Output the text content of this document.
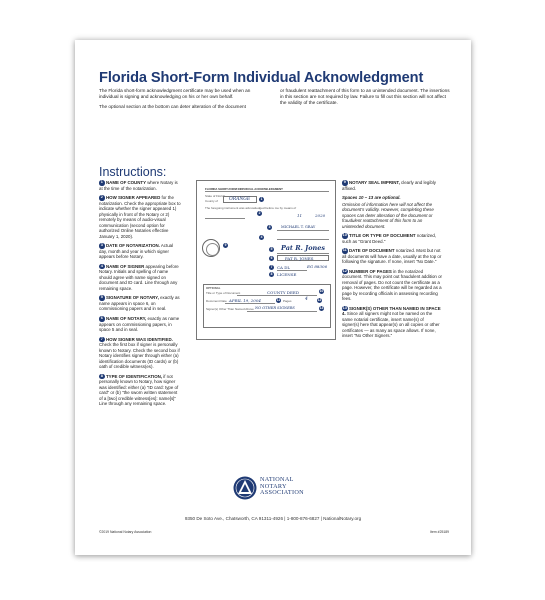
Florida Short-Form Individual Acknowledgment

The Florida short-form acknowledgment certificate may be used when an individual is signing and acknowledging on his or her own behalf.

The optional section at the bottom can deter alteration of the document

or fraudulent reattachment of this form to an unintended document. The insertions in this section are not required by law. Failure to fill out this section will not affect the validity of the certificate.

Instructions:
1 NAME OF COUNTY where Notary is at the time of the notarization.
2 HOW SIGNER APPEARED for the notarization. Check the appropriate box to indicate whether the signer appeared 1) physically in front of the Notary or 2) remotely by means of audio-visual communication (second option for authorized Online Notaries effective January 1, 2020).
3 DATE OF NOTARIZATION. Actual day, month and year in which signer appears before Notary.
4 NAME OF SIGNER appearing before Notary. Initials and spelling of name should agree with name signed on document and ID card. Line through any remaining space.
5 SIGNATURE OF NOTARY, exactly as name appears in space 6, on commissioning papers and in seal.
6 NAME OF NOTARY, exactly as name appears on commissioning papers, in space 5 and in seal.
7 HOW SIGNER WAS IDENTIFIED. Check the first box if signer is personally known to Notary. Check the second box if Notary identifies signer through either (a) identification documents (ID cards) or (b) oath of credible witness(es).
8 TYPE OF IDENTIFICATION, if not personally known to Notary, how signer was identified: either (a) "ID card: type of card" or (b) "the sworn written statement of a [two] credible witness[es]: name[s]" Line through any remaining space.
FLORIDA SHORT-FORM INDIVIDUAL ACKNOWLEDGMENT
State of Florida
County of ORANGE	1
The foregoing instrument was acknowledged before me by means of
2	11	2020
3	MICHAEL T. GRAY
4
9	Pat R. Jones
5
PAT R. JONES
6
7	CA DL	EG 88306
8	LICENSE
OPTIONAL
Title or Type of Document	COUNTY DEED	10
Document Date APRIL 19, 2004	11 Pages	4	12
Signer(s) Other Than Named Above NO OTHER SIGNERS	13
9 NOTARY SEAL IMPRINT, clearly and legibly affixed.
Spaces 10 – 13 are optional.
Omission of information here will not affect the document's validity. However, completing these spaces can deter alteration of the document or fraudulent reattachment of this form to an unintended document.
10 TITLE OR TYPE OF DOCUMENT notarized, such as "Grant Deed."
11 DATE OF DOCUMENT notarized. Most but not all documents will have a date, usually at the top or following the signature. If none, insert "No Date."
12 NUMBER OF PAGES in the notarized document. This may point out fraudulent addition or removal of pages. Do not count the certificate as a page. However, the certificate will be regarded as a page by recording officials in assessing recording fees.
13 SIGNER(S) OTHER THAN NAMED IN SPACE 4. Since all signers might not be named on the same notarial certificate, insert name(s) of signer(s) here that appear(s) on all copies or other certificates — as many as space allows. If none, insert "No Other Signers."
NATIONAL
NOTARY
ASSOCIATION
9350 De Soto Ave., Chatsworth, CA 91311-4926 | 1-800-876-6827 | NationalNotary.org
©2019 National Notary Association	Item #25189
